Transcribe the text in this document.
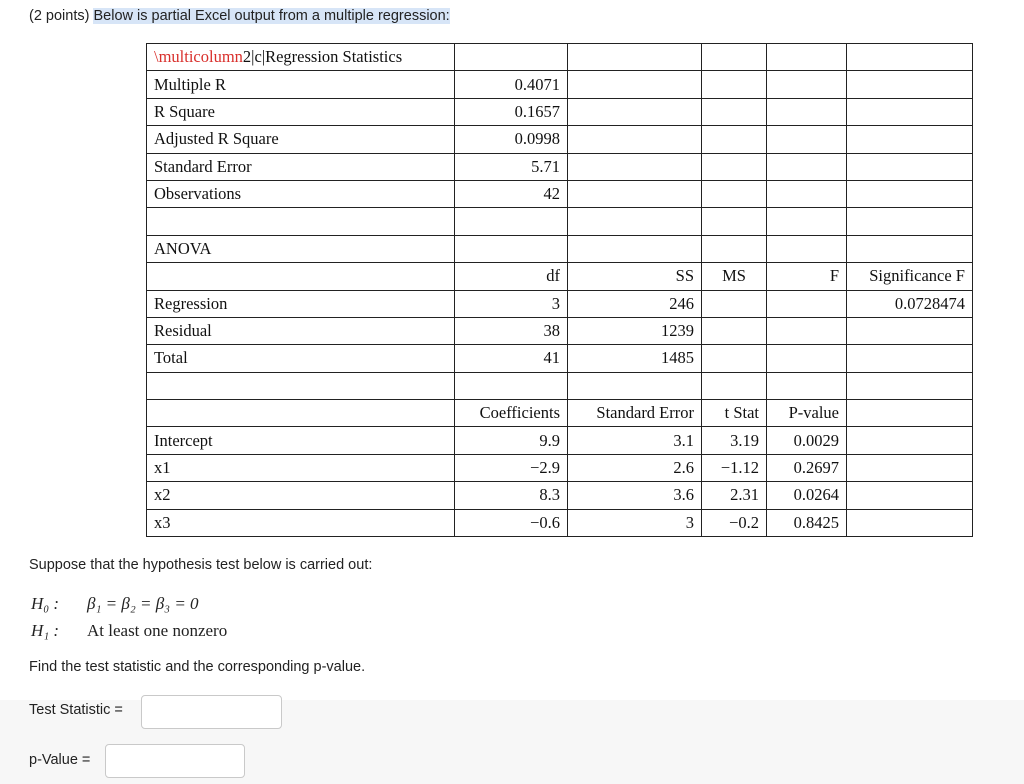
(2 points) Below is partial Excel output from a multiple regression:
\multicolumn2|c|Regression Statistics					
Multiple R	0.4071				
R Square	0.1657				
Adjusted R Square	0.0998				
Standard Error	5.71				
Observations	42				

ANOVA					
	df	SS	MS	F	Significance F
Regression	3	246			0.0728474
Residual	38	1239			
Total	41	1485			

	Coefficients	Standard Error	t Stat	P-value	
Intercept	9.9	3.1	3.19	0.0029	
x1	−2.9	2.6	−1.12	0.2697	
x2	8.3	3.6	2.31	0.0264	
x3	−0.6	3	−0.2	0.8425	
Suppose that the hypothesis test below is carried out:
H₀ : β₁ = β₂ = β₃ = 0
H₁ : At least one nonzero
Find the test statistic and the corresponding p-value.
Test Statistic =
p-Value =
